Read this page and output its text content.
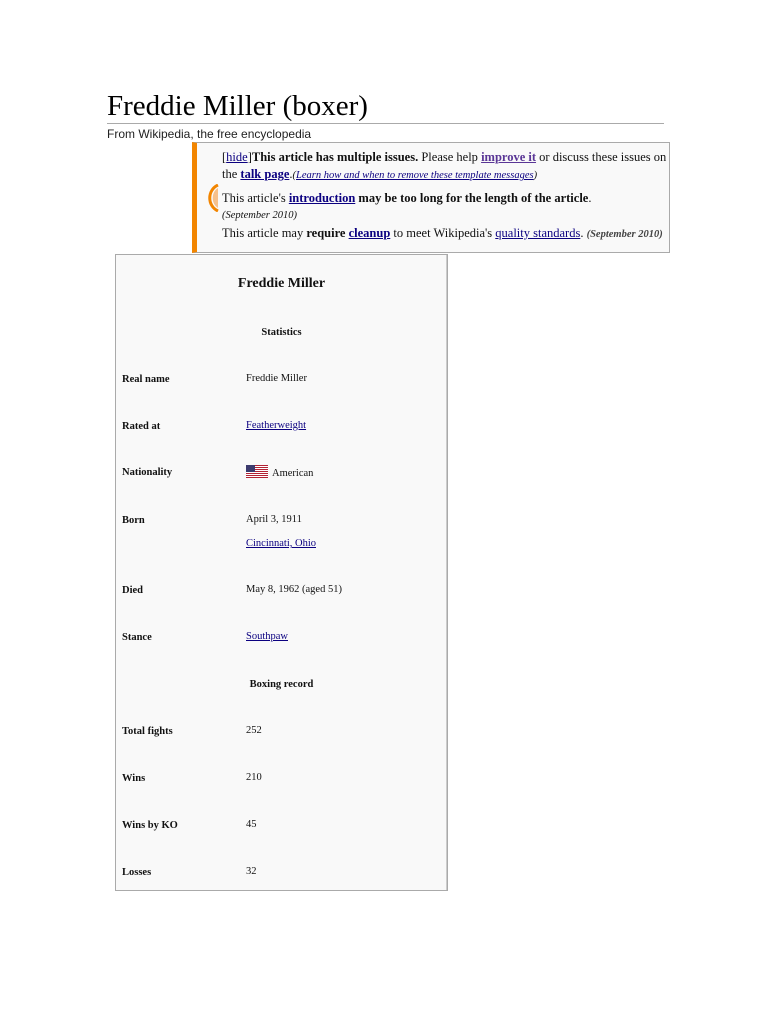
Freddie Miller (boxer)
From Wikipedia, the free encyclopedia

[hide]This article has multiple issues. Please help improve it or discuss these issues on the talk page.(Learn how and when to remove these template messages)

This article's introduction may be too long for the length of the article. (September 2010)

This article may require cleanup to meet Wikipedia's quality standards. (September 2010)

Freddie Miller
Statistics
Real name	Freddie Miller
Rated at	Featherweight
Nationality	American
Born	April 3, 1911
Cincinnati, Ohio
Died	May 8, 1962 (aged 51)
Stance	Southpaw
Boxing record
Total fights	252
Wins	210
Wins by KO	45
Losses	32
